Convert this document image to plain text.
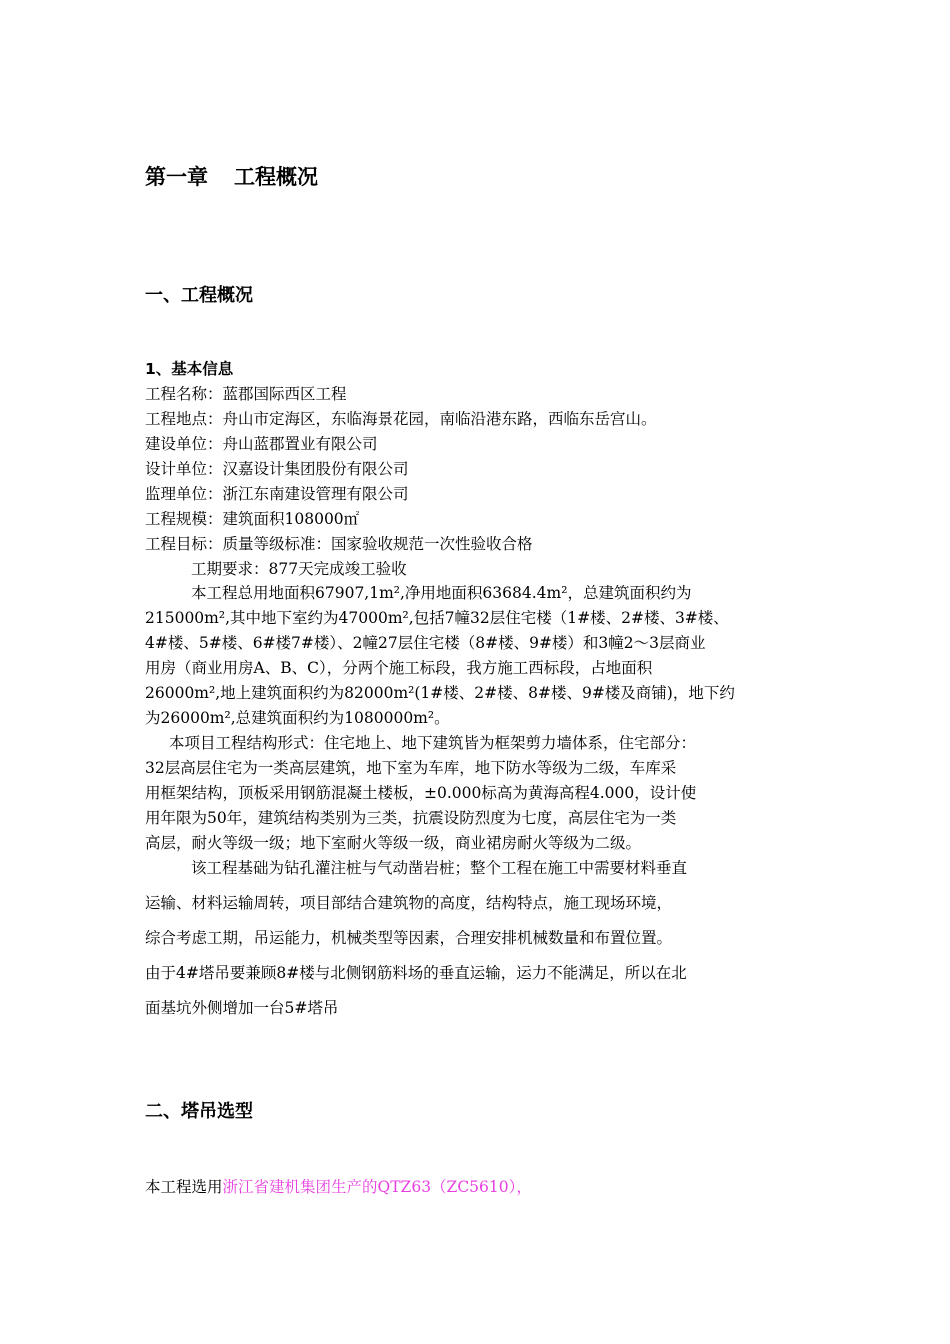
第一章 工程概况
一、工程概况
1、基本信息
工程名称：蓝郡国际西区工程
工程地点：舟山市定海区，东临海景花园，南临沿港东路，西临东岳宫山。
建设单位：舟山蓝郡置业有限公司
设计单位：汉嘉设计集团股份有限公司
监理单位：浙江东南建设管理有限公司
工程规模：建筑面积108000㎡
工程目标：质量等级标准：国家验收规范一次性验收合格
工期要求：877天完成竣工验收
本工程总用地面积67907,1m²,净用地面积63684.4m²，总建筑面积约为
215000m²,其中地下室约为47000m²,包括7幢32层住宅楼（1#楼、2#楼、3#楼、
4#楼、5#楼、6#楼7#楼）、2幢27层住宅楼（8#楼、9#楼）和3幢2～3层商业
用房（商业用房A、B、C），分两个施工标段，我方施工西标段，占地面积
26000m²,地上建筑面积约为82000m²(1#楼、2#楼、8#楼、9#楼及商铺)，地下约
为26000m²,总建筑面积约为1080000m²。
本项目工程结构形式：住宅地上、地下建筑皆为框架剪力墙体系，住宅部分：
32层高层住宅为一类高层建筑，地下室为车库，地下防水等级为二级，车库采
用框架结构，顶板采用钢筋混凝土楼板，±0.000标高为黄海高程4.000，设计使
用年限为50年，建筑结构类别为三类，抗震设防烈度为七度，高层住宅为一类
高层，耐火等级一级；地下室耐火等级一级，商业裙房耐火等级为二级。
该工程基础为钻孔灌注桩与气动凿岩桩；整个工程在施工中需要材料垂直
运输、材料运输周转，项目部结合建筑物的高度，结构特点，施工现场环境，
综合考虑工期，吊运能力，机械类型等因素，合理安排机械数量和布置位置。
由于4#塔吊要兼顾8#楼与北侧钢筋料场的垂直运输，运力不能满足，所以在北
面基坑外侧增加一台5#塔吊
二、塔吊选型
本工程选用浙江省建机集团生产的QTZ63（ZC5610），
